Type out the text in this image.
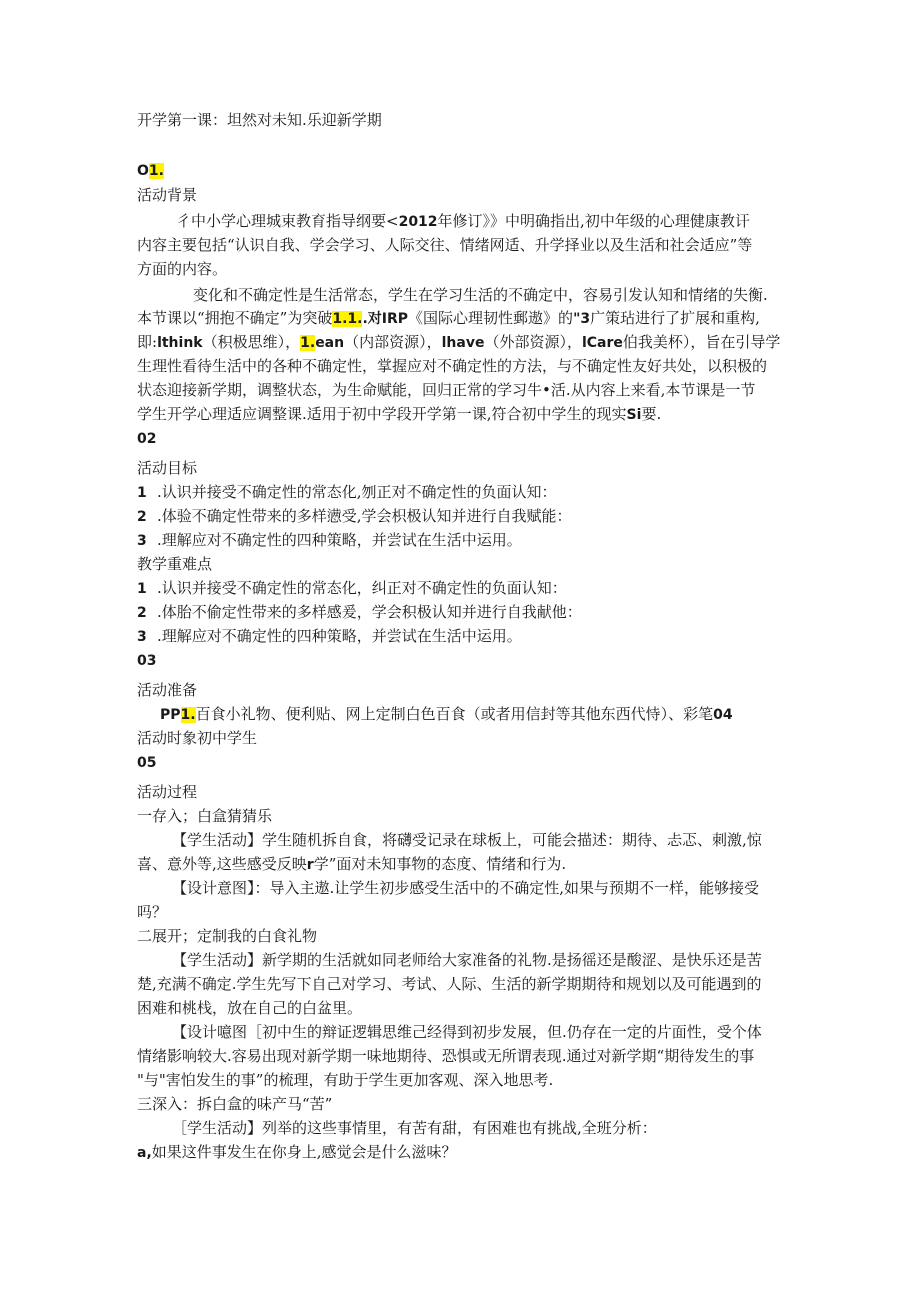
开学第一课：坦然对未知.乐迎新学期
O1.
活动背景
彳中小学心理城束教育指导纲要<2012年修订》》中明确指出,初中年级的心理健康教讦
内容主要包括“认识自我、学会学习、人际交往、情绪网适、升学择业以及生活和社会适应”等
方面的内容。
变化和不确定性是生活常态，学生在学习生活的不确定中，容易引发认知和情绪的失衡.
本节课以“拥抱不确定”为突破1.1..对IRP《国际心理韧性郵遨》的"3广策玷进行了扩展和重构,
即:lthink（积极思维），1.ean（内部资源），lhave（外部资源），lCare伯我美杯），旨在引导学
生理性看待生活中的各种不确定性，掌握应对不确定性的方法，与不确定性友好共处，以积极的
状态迎接新学期，调整状态，为生命赋能，回归正常的学习牛•活.从内容上来看,本节课是一节
学生开学心理适应调整课.适用于初中学段开学第一课,符合初中学生的现实Si要.
02
活动目标
1 .认识并接受不确定性的常态化,刎正对不确定性的负面认知：
2 .体验不确定性带来的多样懑受,学会枳极认知并进行自我赋能：
3 .理解应对不确定性的四种策略，并尝试在生活中运用。
教学重难点
1 .认识并接受不确定性的常态化，纠正对不确定性的负面认知：
2 .体胎不偷定性带来的多样感爰，学会积极认知并进行自我献他：
3 .理解应对不确定性的四种策略，并尝试在生活中运用。
03
活动准备
PP1.百食小礼物、便利贴、网上定制白色百食（或者用信封等其他东西代恃）、彩笔04
活动时象初中学生
05
活动过程
一存入；白盒猜猜乐
【学生活动】学生随机拆自食，将礴受记录在球板上，可能会描述：期待、忐忑、刺激,惊
喜、意外等,这些感受反映r学”面对未知事物的态度、情绪和行为.
【设计意图】：导入主遨.让学生初步感受生活中的不确定性,如果与预期不一样，能够接受
吗？
二展开；定制我的白食礼物
【学生活动】新学期的生活就如同老师给大家准备的礼物.是扬徭还是酸涩、是快乐还是苦
楚,充满不确定.学生先写下自己对学习、考试、人际、生活的新学期期待和规划以及可能遇到的
困难和桃栈，放在自己的白盆里。
【设计噫图［初中生的辩证逻辑思维己经得到初步发展，但.仍存在一定的片面性，受个体
情绪影响较大.容易出现对新学期一味地期待、恐惧或无所谓表现.通过对新学期“期待发生的事
"与"害怕发生的事”的梳理，有助于学生更加客观、深入地思考.
三深入：拆白盒的味产马“苦”
［学生活动】列举的这些事情里，有苦有甜，有困难也有挑战,全班分析：
a,如果这件事发生在你身上,感觉会是什么滋味？
